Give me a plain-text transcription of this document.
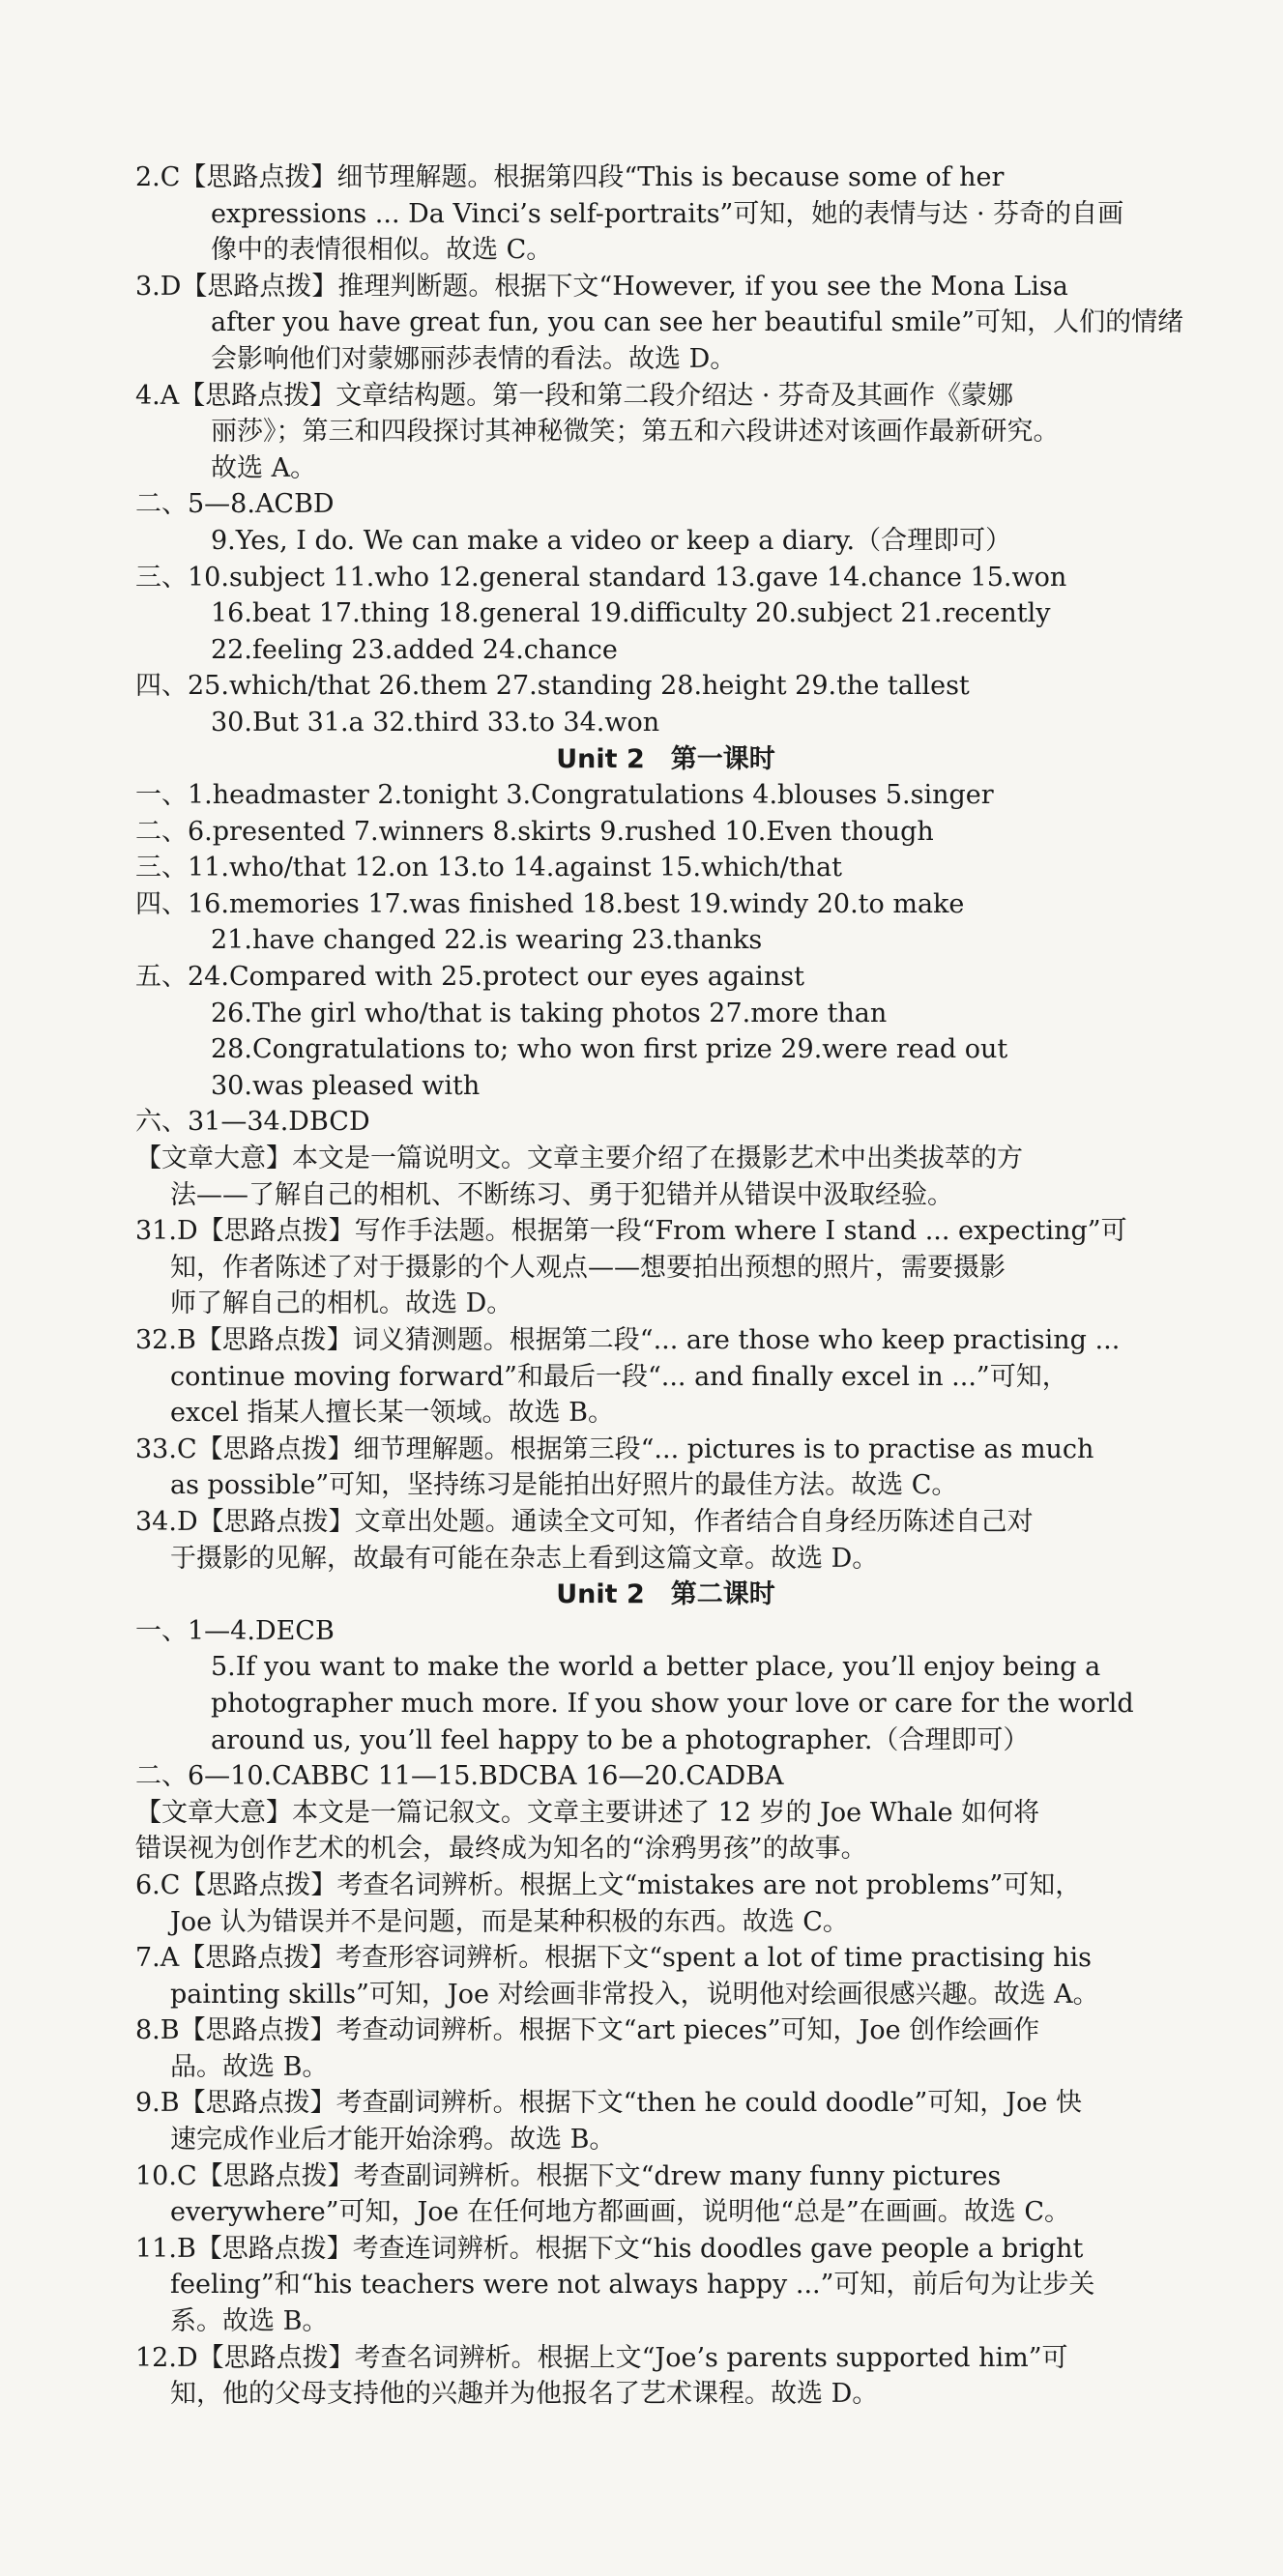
2.C【思路点拨】细节理解题。根据第四段“This is because some of her
expressions ... Da Vinci’s self-portraits”可知，她的表情与达 · 芬奇的自画
像中的表情很相似。故选 C。
3.D【思路点拨】推理判断题。根据下文“However, if you see the Mona Lisa
after you have great fun, you can see her beautiful smile”可知，人们的情绪
会影响他们对蒙娜丽莎表情的看法。故选 D。
4.A【思路点拨】文章结构题。第一段和第二段介绍达 · 芬奇及其画作《蒙娜
丽莎》；第三和四段探讨其神秘微笑；第五和六段讲述对该画作最新研究。
故选 A。
二、5—8.ACBD
9.Yes, I do. We can make a video or keep a diary.（合理即可）
三、10.subject 11.who 12.general standard 13.gave 14.chance 15.won
16.beat 17.thing 18.general 19.difficulty 20.subject 21.recently
22.feeling 23.added 24.chance
四、25.which/that 26.them 27.standing 28.height 29.the tallest
30.But 31.a 32.third 33.to 34.won
Unit 2　第一课时
一、1.headmaster 2.tonight 3.Congratulations 4.blouses 5.singer
二、6.presented 7.winners 8.skirts 9.rushed 10.Even though
三、11.who/that 12.on 13.to 14.against 15.which/that
四、16.memories 17.was finished 18.best 19.windy 20.to make
21.have changed 22.is wearing 23.thanks
五、24.Compared with 25.protect our eyes against
26.The girl who/that is taking photos 27.more than
28.Congratulations to; who won first prize 29.were read out
30.was pleased with
六、31—34.DBCD
【文章大意】本文是一篇说明文。文章主要介绍了在摄影艺术中出类拔萃的方
法——了解自己的相机、不断练习、勇于犯错并从错误中汲取经验。
31.D【思路点拨】写作手法题。根据第一段“From where I stand ... expecting”可
知，作者陈述了对于摄影的个人观点——想要拍出预想的照片，需要摄影
师了解自己的相机。故选 D。
32.B【思路点拨】词义猜测题。根据第二段“... are those who keep practising ...
continue moving forward”和最后一段“... and finally excel in ...”可知，
excel 指某人擅长某一领域。故选 B。
33.C【思路点拨】细节理解题。根据第三段“... pictures is to practise as much
as possible”可知，坚持练习是能拍出好照片的最佳方法。故选 C。
34.D【思路点拨】文章出处题。通读全文可知，作者结合自身经历陈述自己对
于摄影的见解，故最有可能在杂志上看到这篇文章。故选 D。
Unit 2　第二课时
一、1—4.DECB
5.If you want to make the world a better place, you’ll enjoy being a
photographer much more. If you show your love or care for the world
around us, you’ll feel happy to be a photographer.（合理即可）
二、6—10.CABBC 11—15.BDCBA 16—20.CADBA
【文章大意】本文是一篇记叙文。文章主要讲述了 12 岁的 Joe Whale 如何将
错误视为创作艺术的机会，最终成为知名的“涂鸦男孩”的故事。
6.C【思路点拨】考查名词辨析。根据上文“mistakes are not problems”可知，
Joe 认为错误并不是问题，而是某种积极的东西。故选 C。
7.A【思路点拨】考查形容词辨析。根据下文“spent a lot of time practising his
painting skills”可知，Joe 对绘画非常投入，说明他对绘画很感兴趣。故选 A。
8.B【思路点拨】考查动词辨析。根据下文“art pieces”可知，Joe 创作绘画作
品。故选 B。
9.B【思路点拨】考查副词辨析。根据下文“then he could doodle”可知，Joe 快
速完成作业后才能开始涂鸦。故选 B。
10.C【思路点拨】考查副词辨析。根据下文“drew many funny pictures
everywhere”可知，Joe 在任何地方都画画，说明他“总是”在画画。故选 C。
11.B【思路点拨】考查连词辨析。根据下文“his doodles gave people a bright
feeling”和“his teachers were not always happy ...”可知，前后句为让步关
系。故选 B。
12.D【思路点拨】考查名词辨析。根据上文“Joe’s parents supported him”可
知，他的父母支持他的兴趣并为他报名了艺术课程。故选 D。
